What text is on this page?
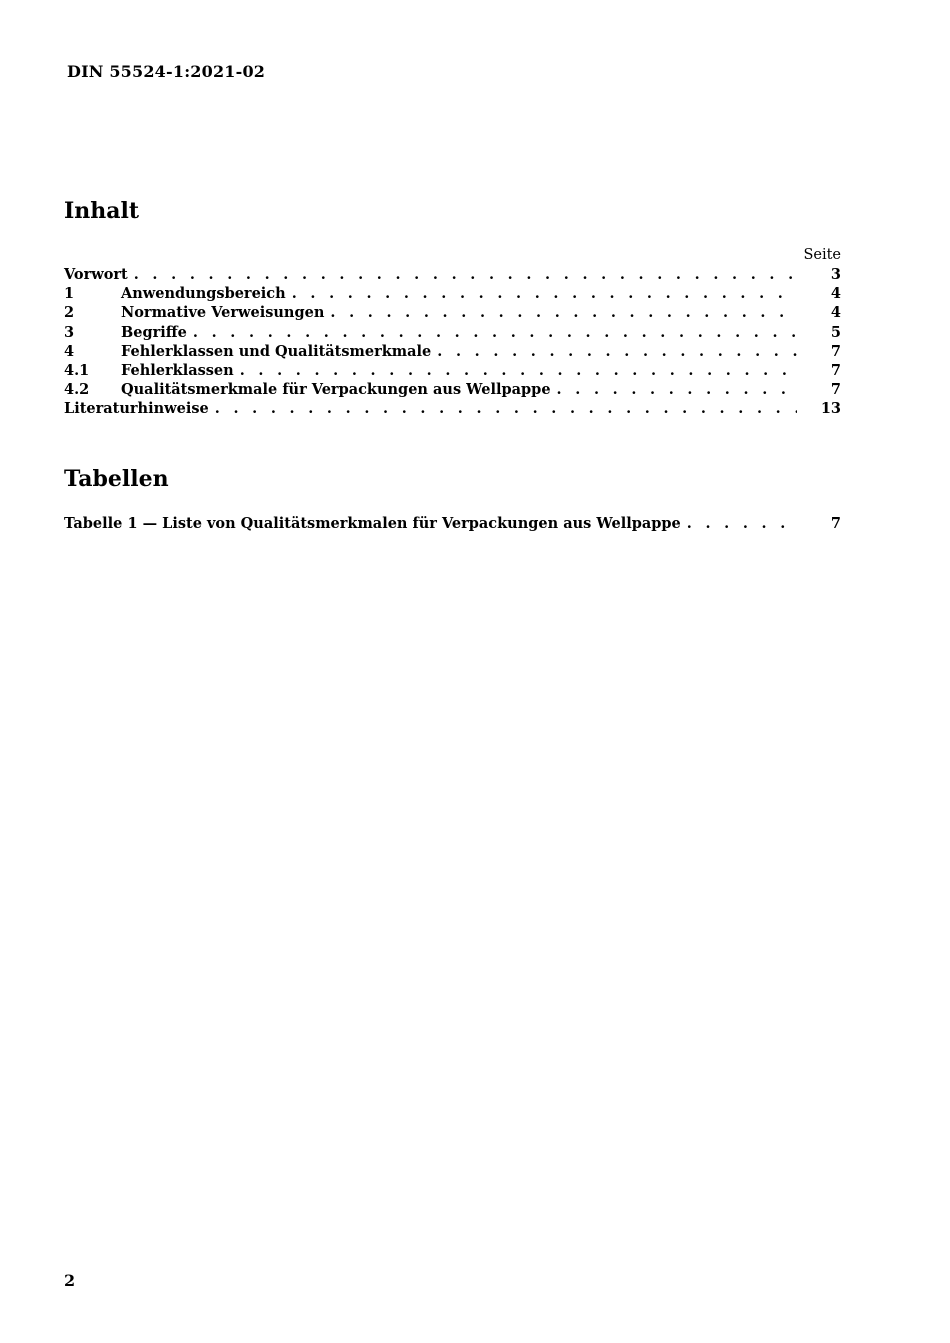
DIN 55524-1:2021-02
Inhalt
Seite
Vorwort . . .	3
1	Anwendungsbereich . . .	4
2	Normative Verweisungen . . .	4
3	Begriffe . . .	5
4	Fehlerklassen und Qualitätsmerkmale . . .	7
4.1	Fehlerklassen . . .	7
4.2	Qualitätsmerkmale für Verpackungen aus Wellpappe . . .	7
Literaturhinweise . . .	13
Tabellen
Tabelle 1 — Liste von Qualitätsmerkmalen für Verpackungen aus Wellpappe . . .	7
2
